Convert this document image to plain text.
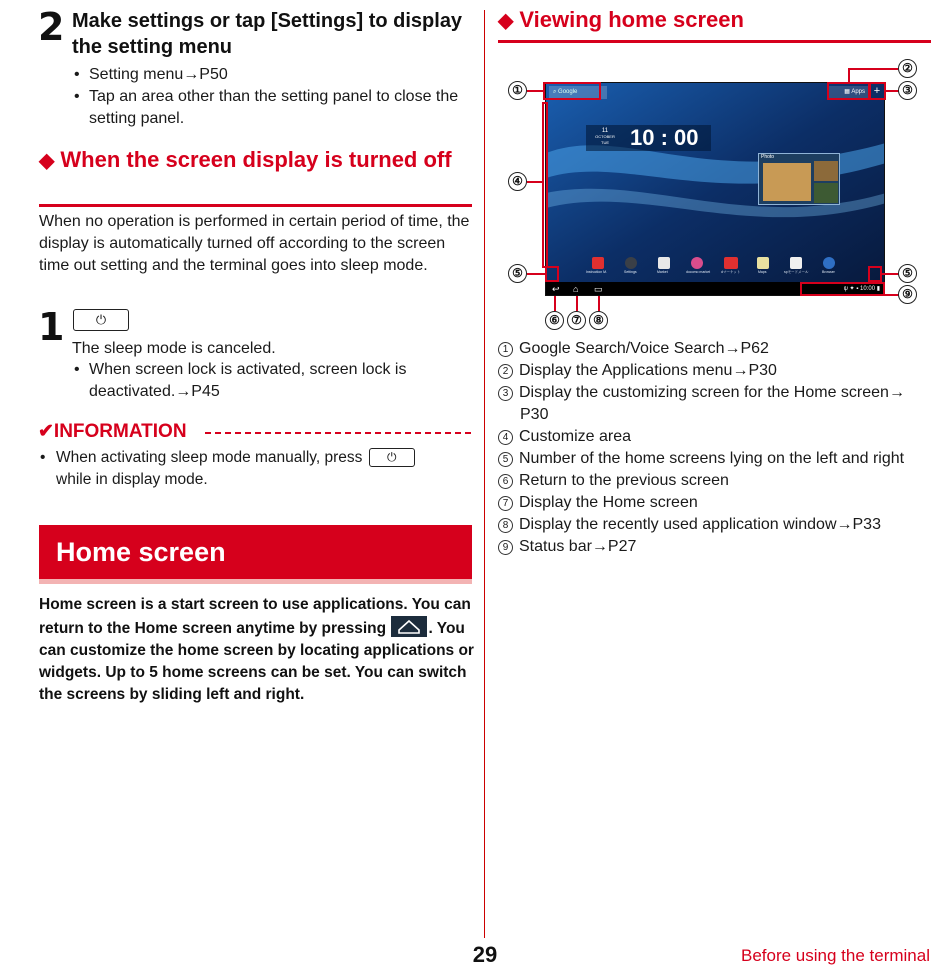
2 Make settings or tap [Settings] to display the setting menu
• Setting menu→P50
• Tap an area other than the setting panel to close the setting panel.
◆ When the screen display is turned off
When no operation is performed in certain period of time, the display is automatically turned off according to the screen time out setting and the terminal goes into sleep mode.
1	⏻
The sleep mode is canceled.
• When screen lock is activated, screen lock is deactivated.→P45
✔INFORMATION
• When activating sleep mode manually, press ⏻
while in display mode.
Home screen
Home screen is a start screen to use applications. You can return to the Home screen anytime by pressing	. You can customize the home screen by locating applications or widgets. Up to 5 home screens can be set. You can switch the screens by sliding left and right.
◆ Viewing home screen
⌕ Google	▦ Apps +
11
OCTOBER
TUE 10 : 00
Photo
Instruction M.	Settings	Market	docomo market	dマーケット	Maps	spモードメール	Browser
↩ ⌂ ▭	ψ ✦ ▪ 10:00 ▮
①
②
③
④
⑤	⑤
⑥ ⑦ ⑧
⑨
1 Google Search/Voice Search→P62
2 Display the Applications menu→P30
3 Display the customizing screen for the Home screen→
P30
4 Customize area
5 Number of the home screens lying on the left and right
6 Return to the previous screen
7 Display the Home screen
8 Display the recently used application window→P33
9 Status bar→P27
29	Before using the terminal
